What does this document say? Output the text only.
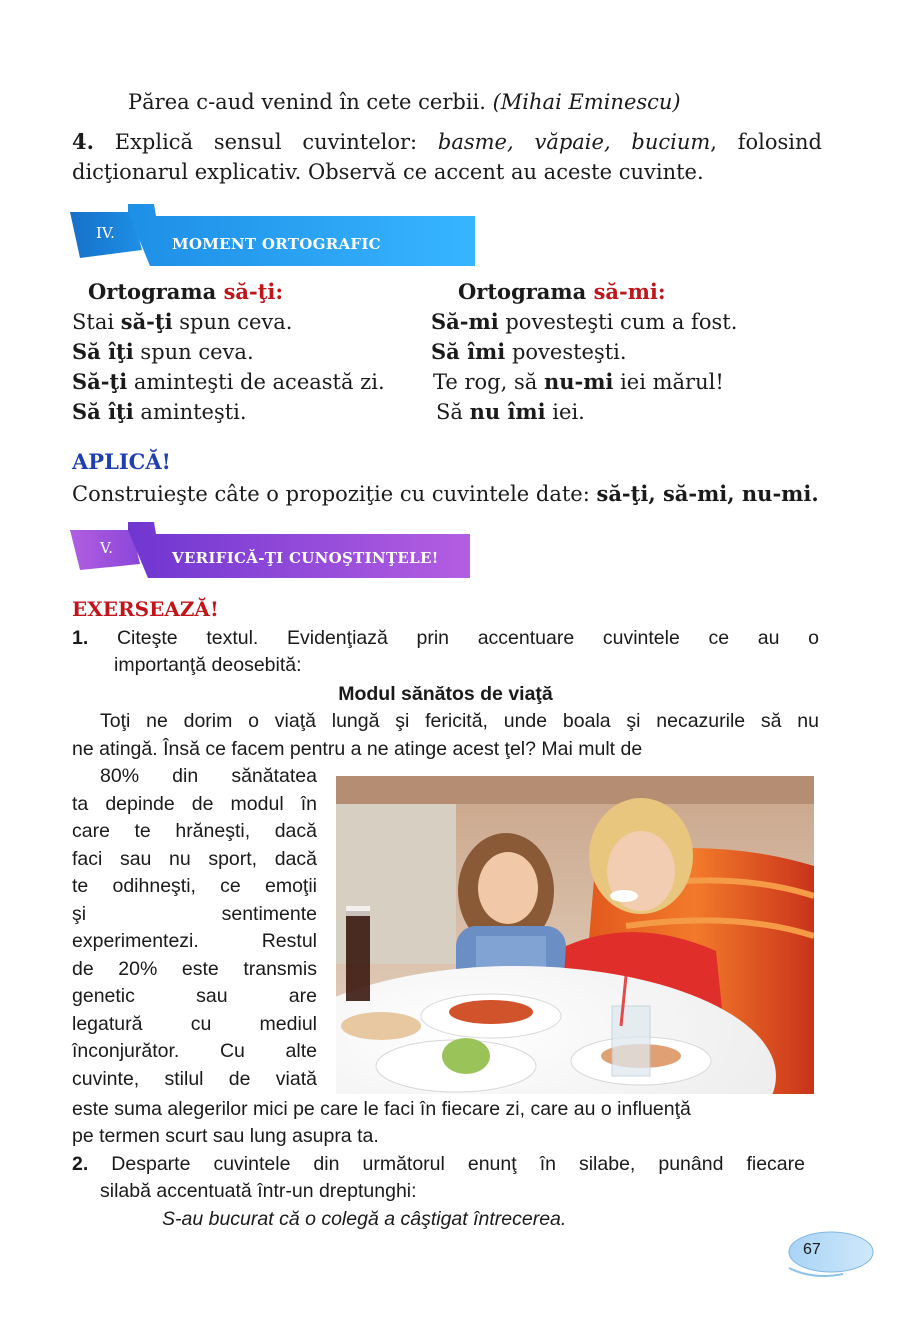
Părea c-aud venind în cete cerbii. (Mihai Eminescu)
4. Explică sensul cuvintelor: basme, văpaie, bucium, folosind
dicţionarul explicativ. Observă ce accent au aceste cuvinte.
IV.
MOMENT ORTOGRAFIC
Ortograma să-ţi:	Ortograma să-mi:
Stai să-ţi spun ceva.
Să îţi spun ceva.
Să-ţi aminteşti de această zi.
Să îţi aminteşti.
Să-mi povesteşti cum a fost.
Să îmi povesteşti.
Te rog, să nu-mi iei mărul!
Să nu îmi iei.
APLICĂ!
Construieşte câte o propoziţie cu cuvintele date: să-ţi, să-mi, nu-mi.
V.
VERIFICĂ-ŢI CUNOŞTINŢELE!
EXERSEAZĂ!
1. Citeşte textul. Evidenţiază prin accentuare cuvintele ce au o
importanţă deosebită:
Modul sănătos de viaţă
Toţi ne dorim o viaţă lungă şi fericită, unde boala şi necazurile să nu
ne atingă. Însă ce facem pentru a ne atinge acest ţel? Mai mult de
80% din sănătatea
ta depinde de modul în
care te hrăneşti, dacă
faci sau nu sport, dacă
te odihneşti, ce emoţii
şi sentimente
experimentezi. Restul
de 20% este transmis
genetic sau are
legatură cu mediul
înconjurător. Cu alte
cuvinte, stilul de viată
este suma alegerilor mici pe care le faci în fiecare zi, care au o influenţă
pe termen scurt sau lung asupra ta.
2. Desparte cuvintele din următorul enunţ în silabe, punând fiecare
silabă accentuată într-un dreptunghi:
S-au bucurat că o colegă a câştigat întrecerea.
67
